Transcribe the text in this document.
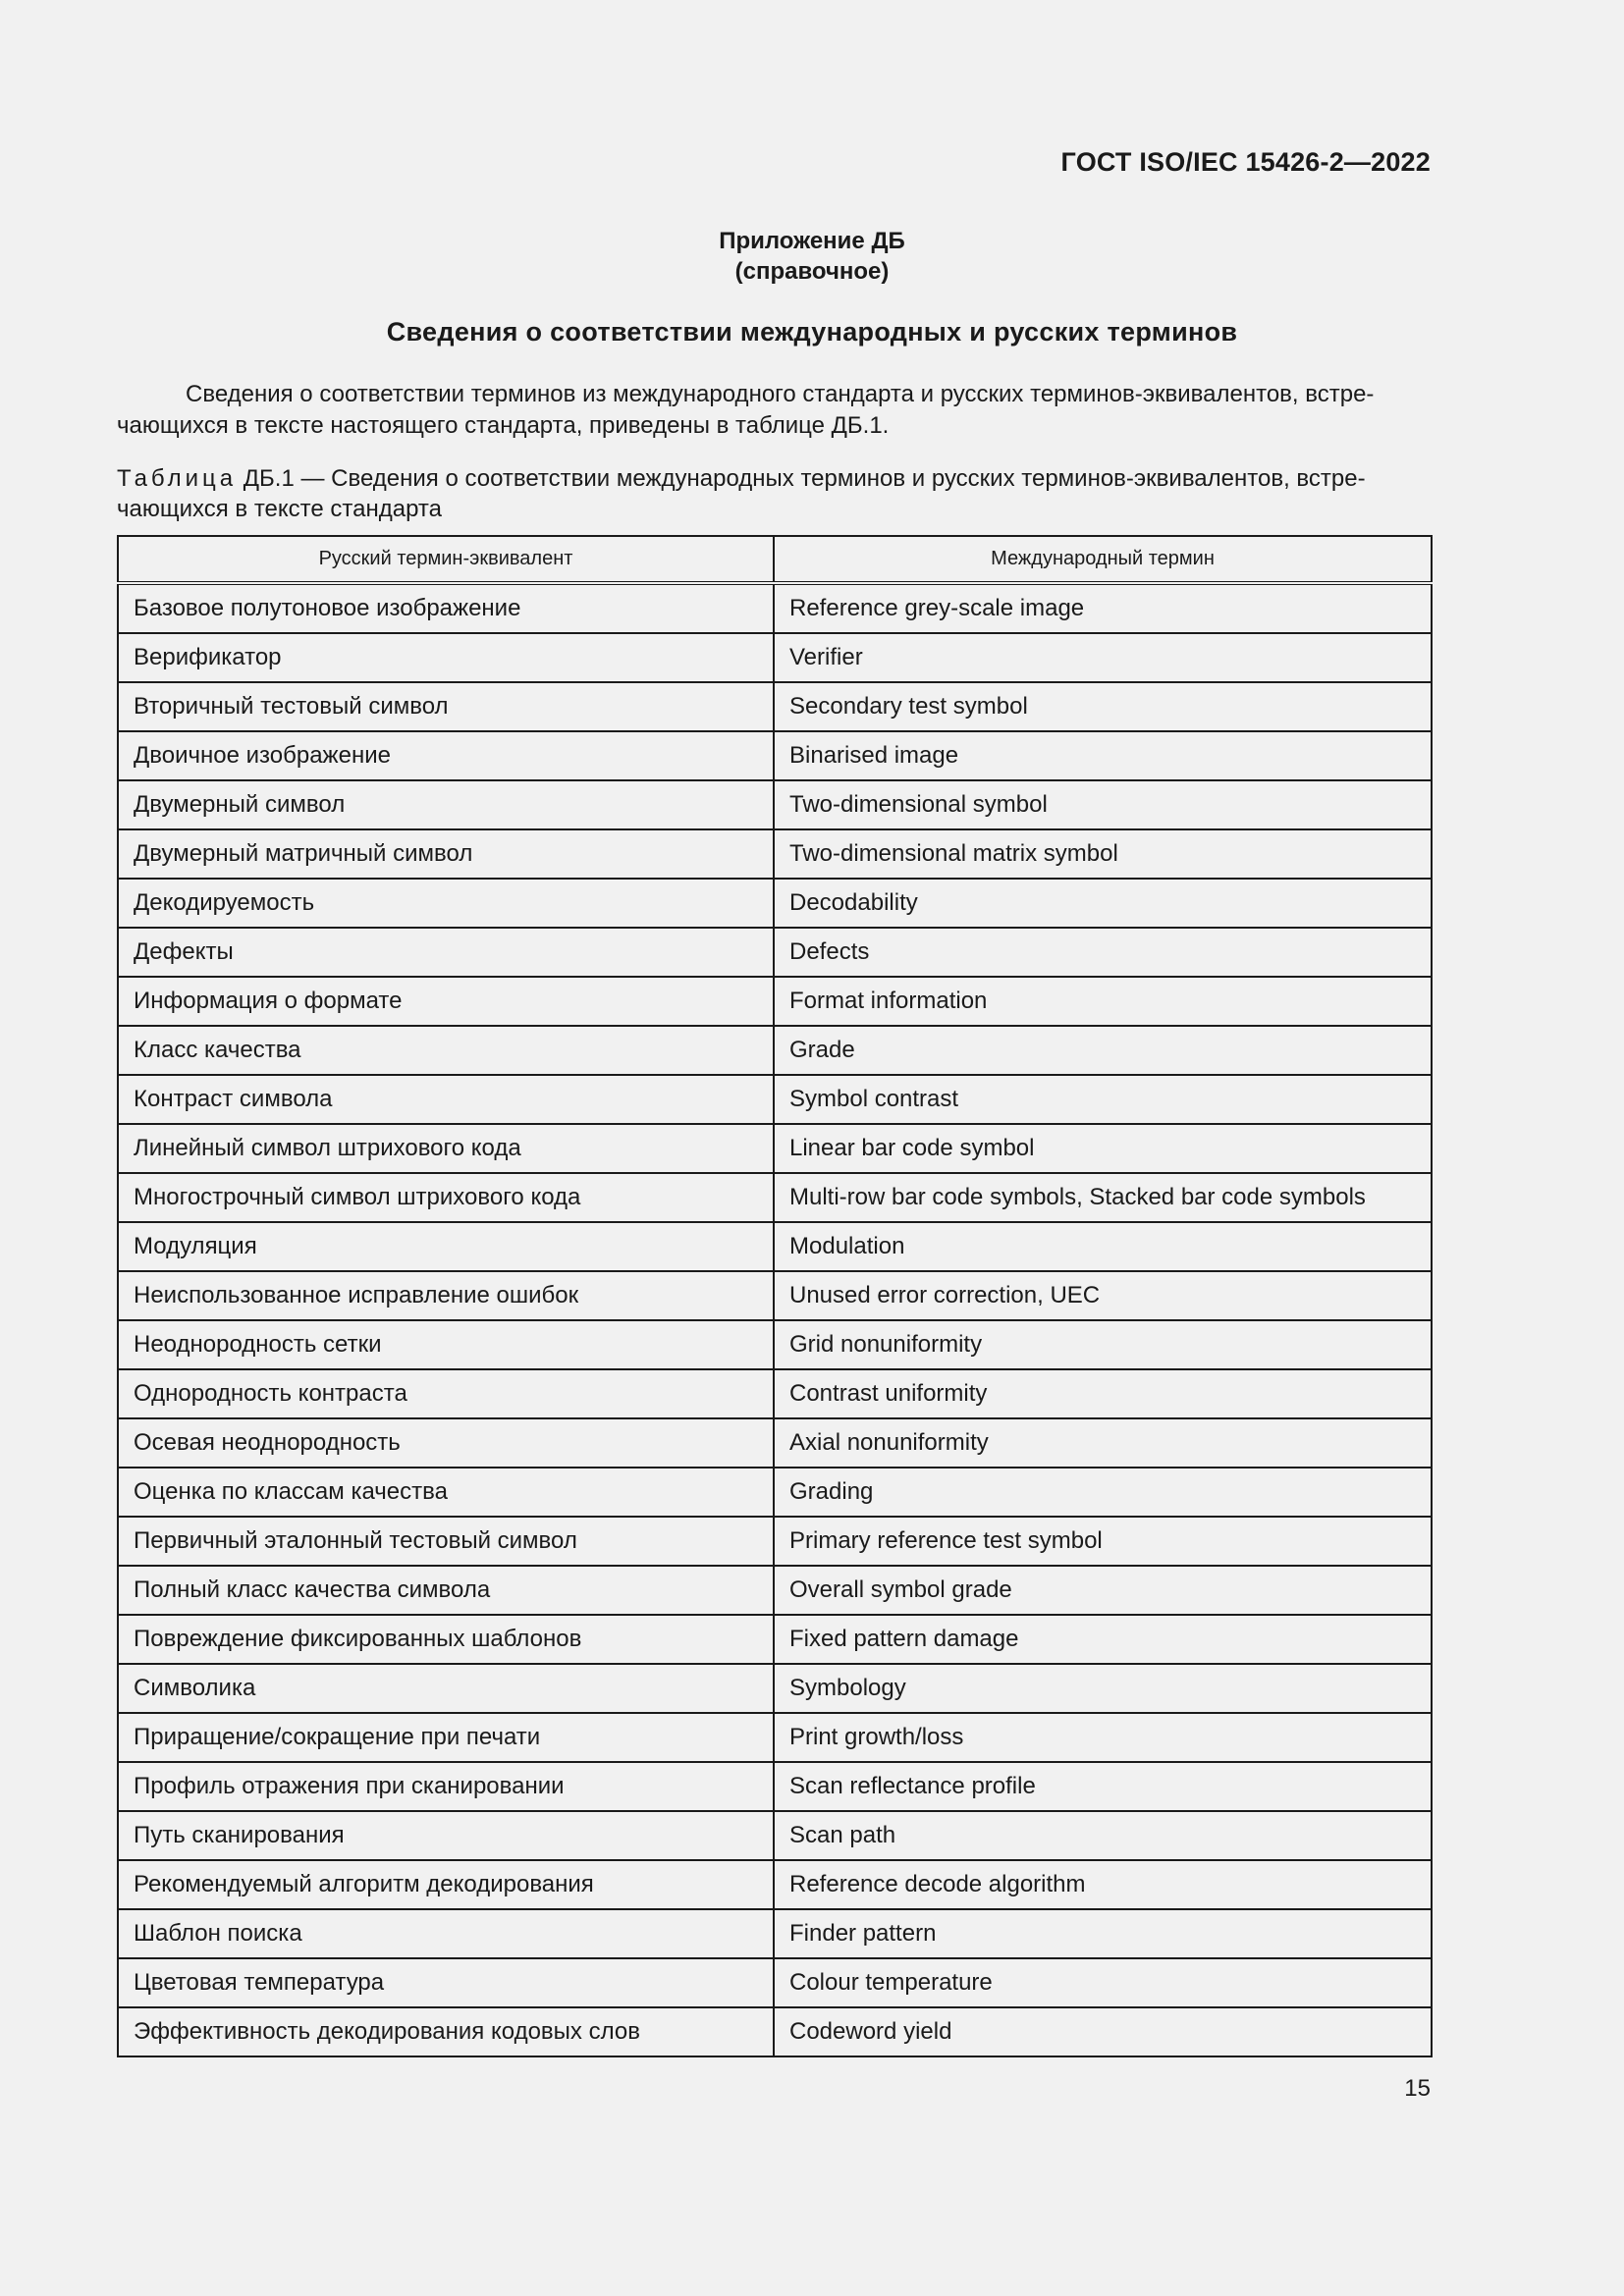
ГОСТ ISO/IEC 15426-2—2022
Приложение ДБ
(справочное)
Сведения о соответствии международных и русских терминов

Сведения о соответствии терминов из международного стандарта и русских терминов-эквивалентов, встре-

чающихся в тексте настоящего стандарта, приведены в таблице ДБ.1.

Таблица ДБ.1 — Сведения о соответствии международных терминов и русских терминов-эквивалентов, встре-

чающихся в тексте стандарта

Русский термин-эквивалент	Международный термин
Базовое полутоновое изображение	Reference grey-scale image
Верификатор	Verifier
Вторичный тестовый символ	Secondary test symbol
Двоичное изображение	Binarised image
Двумерный символ	Two-dimensional symbol
Двумерный матричный символ	Two-dimensional matrix symbol
Декодируемость	Decodability
Дефекты	Defects
Информация о формате	Format information
Класс качества	Grade
Контраст символа	Symbol contrast
Линейный символ штрихового кода	Linear bar code symbol
Многострочный символ штрихового кода	Multi-row bar code symbols, Stacked bar code symbols
Модуляция	Modulation
Неиспользованное исправление ошибок	Unused error correction, UEC
Неоднородность сетки	Grid nonuniformity
Однородность контраста	Contrast uniformity
Осевая неоднородность	Axial nonuniformity
Оценка по классам качества	Grading
Первичный эталонный тестовый символ	Primary reference test symbol
Полный класс качества символа	Overall symbol grade
Повреждение фиксированных шаблонов	Fixed pattern damage
Символика	Symbology
Приращение/сокращение при печати	Print growth/loss
Профиль отражения при сканировании	Scan reflectance profile
Путь сканирования	Scan path
Рекомендуемый алгоритм декодирования	Reference decode algorithm
Шаблон поиска	Finder pattern
Цветовая температура	Colour temperature
Эффективность декодирования кодовых слов	Codeword yield
15
